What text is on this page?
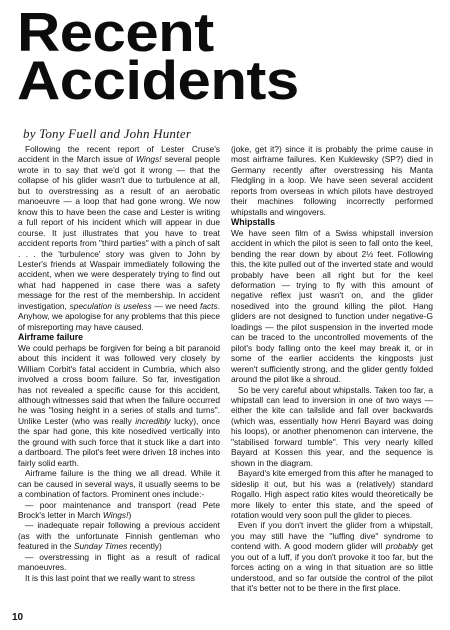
Recent
Accidents

by Tony Fuell and John Hunter

Following the recent report of Lester Cruse's accident in the March issue of Wings! several people wrote in to say that we'd got it wrong — that the collapse of his glider wasn't due to turbulence at all, but to overstressing as a result of an aerobatic manoeuvre — a loop that had gone wrong. We now know this to have been the case and Lester is writing a full report of his incident which will appear in due course. It just illustrates that you have to treat accident reports from "third parties" with a pinch of salt . . . the 'turbulence' story was given to John by Lester's friends at Waspair immediately following the accident, when we were desperately trying to find out what had happened in case there was a safety message for the rest of the membership. In accident investigation, speculation is useless — we need facts. Anyhow, we apologise for any problems that this piece of misreporting may have caused.

Airframe failure

We could perhaps be forgiven for being a bit paranoid about this incident it was followed very closely by William Corbit's fatal accident in Cumbria, which also involved a cross boom failure. So far, investigation has not revealed a specific cause for this accident, although witnesses said that when the failure occurred he was "losing height in a series of stalls and turns". Unlike Lester (who was really incredibly lucky), once the spar had gone, this kite nosedived vertically into the ground with such force that it stuck like a dart into a dartboard. The pilot's feet were driven 18 inches into fairly solid earth.

Airframe failure is the thing we all dread. While it can be caused in several ways, it usually seems to be a combination of factors. Prominent ones include:-

— poor maintenance and transport (read Pete Brock's letter in March Wings!)

— inadequate repair following a previous accident (as with the unfortunate Finnish gentleman who featured in the Sunday Times recently)

— overstressing in flight as a result of radical manoeuvres.

It is this last point that we really want to stress

(joke, get it?) since it is probably the prime cause in most airframe failures. Ken Kuklewsky (SP?) died in Germany recently after overstressing his Manta Fledgling in a loop. We have seen several accident reports from overseas in which pilots have destroyed their machines following incorrectly performed whipstalls and wingovers.

Whipstalls

We have seen film of a Swiss whipstall inversion accident in which the pilot is seen to fall onto the keel, bending the rear down by about 2½ feet. Following this, the kite pulled out of the inverted state and would probably have been all right but for the keel deformation — trying to fly with this amount of negative reflex just wasn't on, and the glider nosedived into the ground killing the pilot. Hang gliders are not designed to function under negative-G loadings — the pilot suspension in the inverted mode can be traced to the uncontrolled movements of the pilot's body falling onto the keel may break it, or in some of the earlier accidents the kingposts just weren't sufficiently strong, and the glider gently folded around the pilot like a shroud.

So be very careful about whipstalls. Taken too far, a whipstall can lead to inversion in one of two ways — either the kite can tailslide and fall over backwards (which was, essentially how Henri Bayard was doing his loops), or another phenomenon can intervene, the "stabilised forward tumble". This very nearly killed Bayard at Kossen this year, and the sequence is shown in the diagram.

Bayard's kite emerged from this after he managed to sideslip it out, but his was a (relatively) standard Rogallo. High aspect ratio kites would theoretically be more likely to enter this state, and the speed of rotation would very soon pull the glider to pieces.

Even if you don't invert the glider from a whipstall, you may still have the "luffing dive" syndrome to contend with. A good modern glider will probably get you out of a luff, if you don't provoke it too far, but the forces acting on a wing in that situation are so little understood, and so far outside the control of the pilot that it's better not to be there in the first place.

10
